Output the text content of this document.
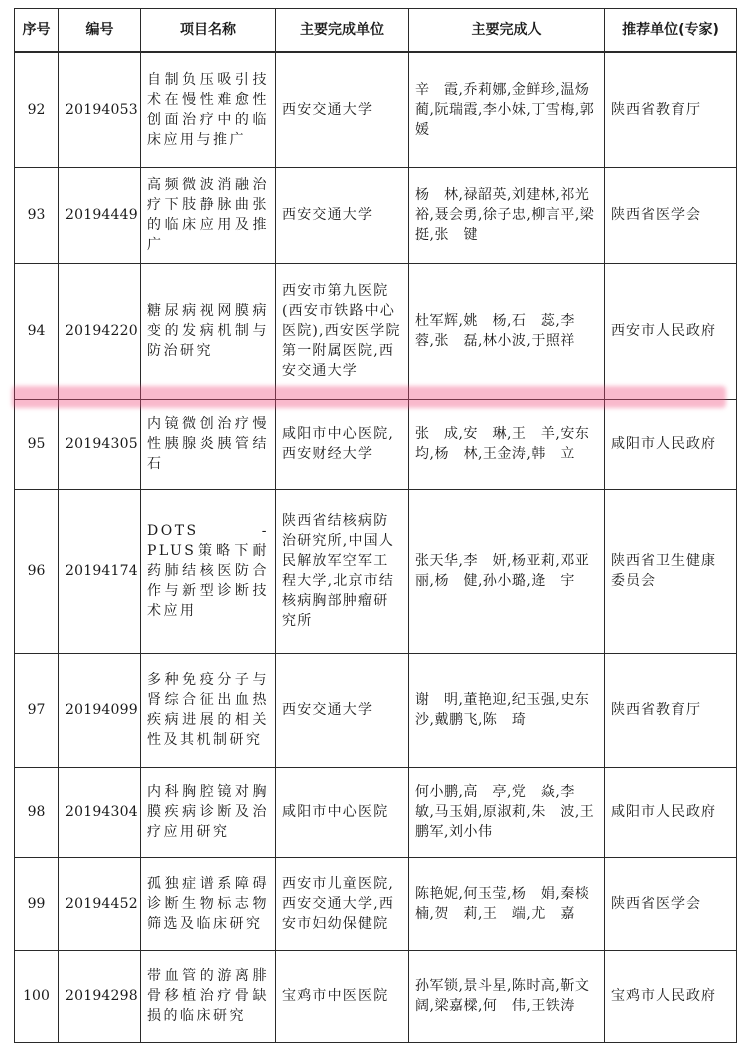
序号	编号	项目名称	主要完成单位	主要完成人	推荐单位(专家)
92	20194053	自制负压吸引技术在慢性难愈性创面治疗中的临床应用与推广	西安交通大学	辛　霞,乔莉娜,金鲜珍,温炀蔺,阮瑞霞,李小妹,丁雪梅,郭　媛	陕西省教育厅
93	20194449	高频微波消融治疗下肢静脉曲张的临床应用及推广	西安交通大学	杨　林,禄韶英,刘建林,祁光裕,聂会勇,徐子忠,柳言平,梁　挺,张　键	陕西省医学会
94	20194220	糖尿病视网膜病变的发病机制与防治研究	西安市第九医院(西安市铁路中心医院),西安医学院第一附属医院,西安交通大学	杜军辉,姚　杨,石　蕊,李　蓉,张　磊,林小波,于照祥	西安市人民政府
95	20194305	内镜微创治疗慢性胰腺炎胰管结石	咸阳市中心医院,西安财经大学	张　成,安　琳,王　羊,安东均,杨　林,王金涛,韩　立	咸阳市人民政府
96	20194174	DOTS - PLUS策略下耐药肺结核医防合作与新型诊断技术应用	陕西省结核病防治研究所,中国人民解放军空军工程大学,北京市结核病胸部肿瘤研究所	张天华,李　妍,杨亚莉,邓亚丽,杨　健,孙小璐,逄　宇	陕西省卫生健康委员会
97	20194099	多种免疫分子与肾综合征出血热疾病进展的相关性及其机制研究	西安交通大学	谢　明,董艳迎,纪玉强,史东沙,戴鹏飞,陈　琦	陕西省教育厅
98	20194304	内科胸腔镜对胸膜疾病诊断及治疗应用研究	咸阳市中心医院	何小鹏,高　亭,党　焱,李　敏,马玉娟,原淑莉,朱　波,王鹏军,刘小伟	咸阳市人民政府
99	20194452	孤独症谱系障碍诊断生物标志物筛选及临床研究	西安市儿童医院,西安交通大学,西安市妇幼保健院	陈艳妮,何玉莹,杨　娟,秦棪楠,贺　莉,王　端,尤　嘉	陕西省医学会
100	20194298	带血管的游离腓骨移植治疗骨缺损的临床研究	宝鸡市中医医院	孙军锁,景斗星,陈时高,靳文阔,梁嘉樑,何　伟,王铁涛	宝鸡市人民政府
